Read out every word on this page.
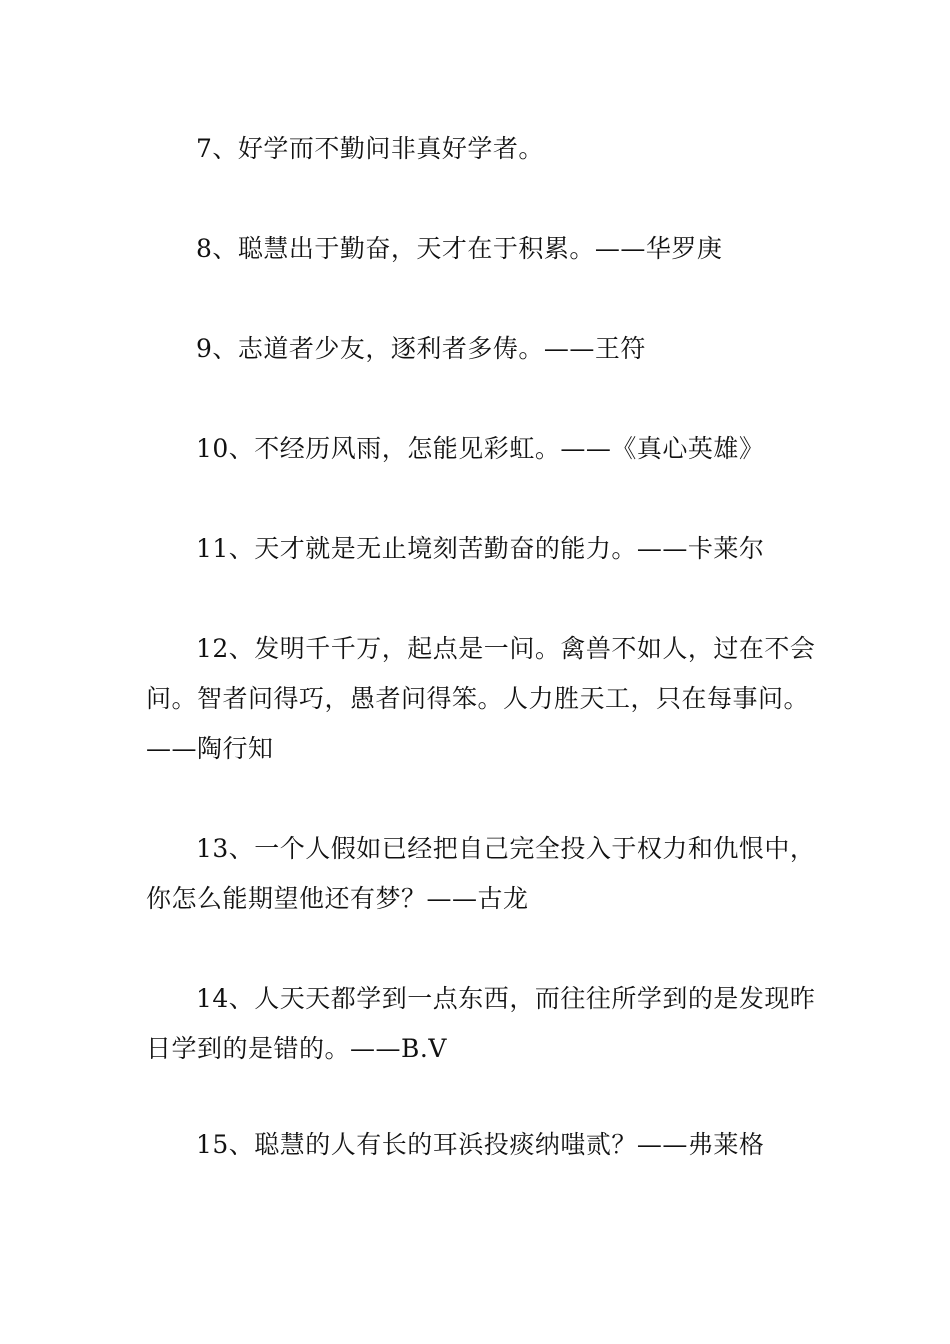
7、好学而不勤问非真好学者。

8、聪慧出于勤奋，天才在于积累。——华罗庚

9、志道者少友，逐利者多俦。——王符

10、不经历风雨，怎能见彩虹。——《真心英雄》

11、天才就是无止境刻苦勤奋的能力。——卡莱尔

12、发明千千万，起点是一问。禽兽不如人，过在不会问。智者问得巧，愚者问得笨。人力胜天工，只在每事问。——陶行知

13、一个人假如已经把自己完全投入于权力和仇恨中，你怎么能期望他还有梦？——古龙

14、人天天都学到一点东西，而往往所学到的是发现昨日学到的是错的。——B.V

15、聪慧的人有长的耳浜投痰纳嗤贰？——弗莱格
